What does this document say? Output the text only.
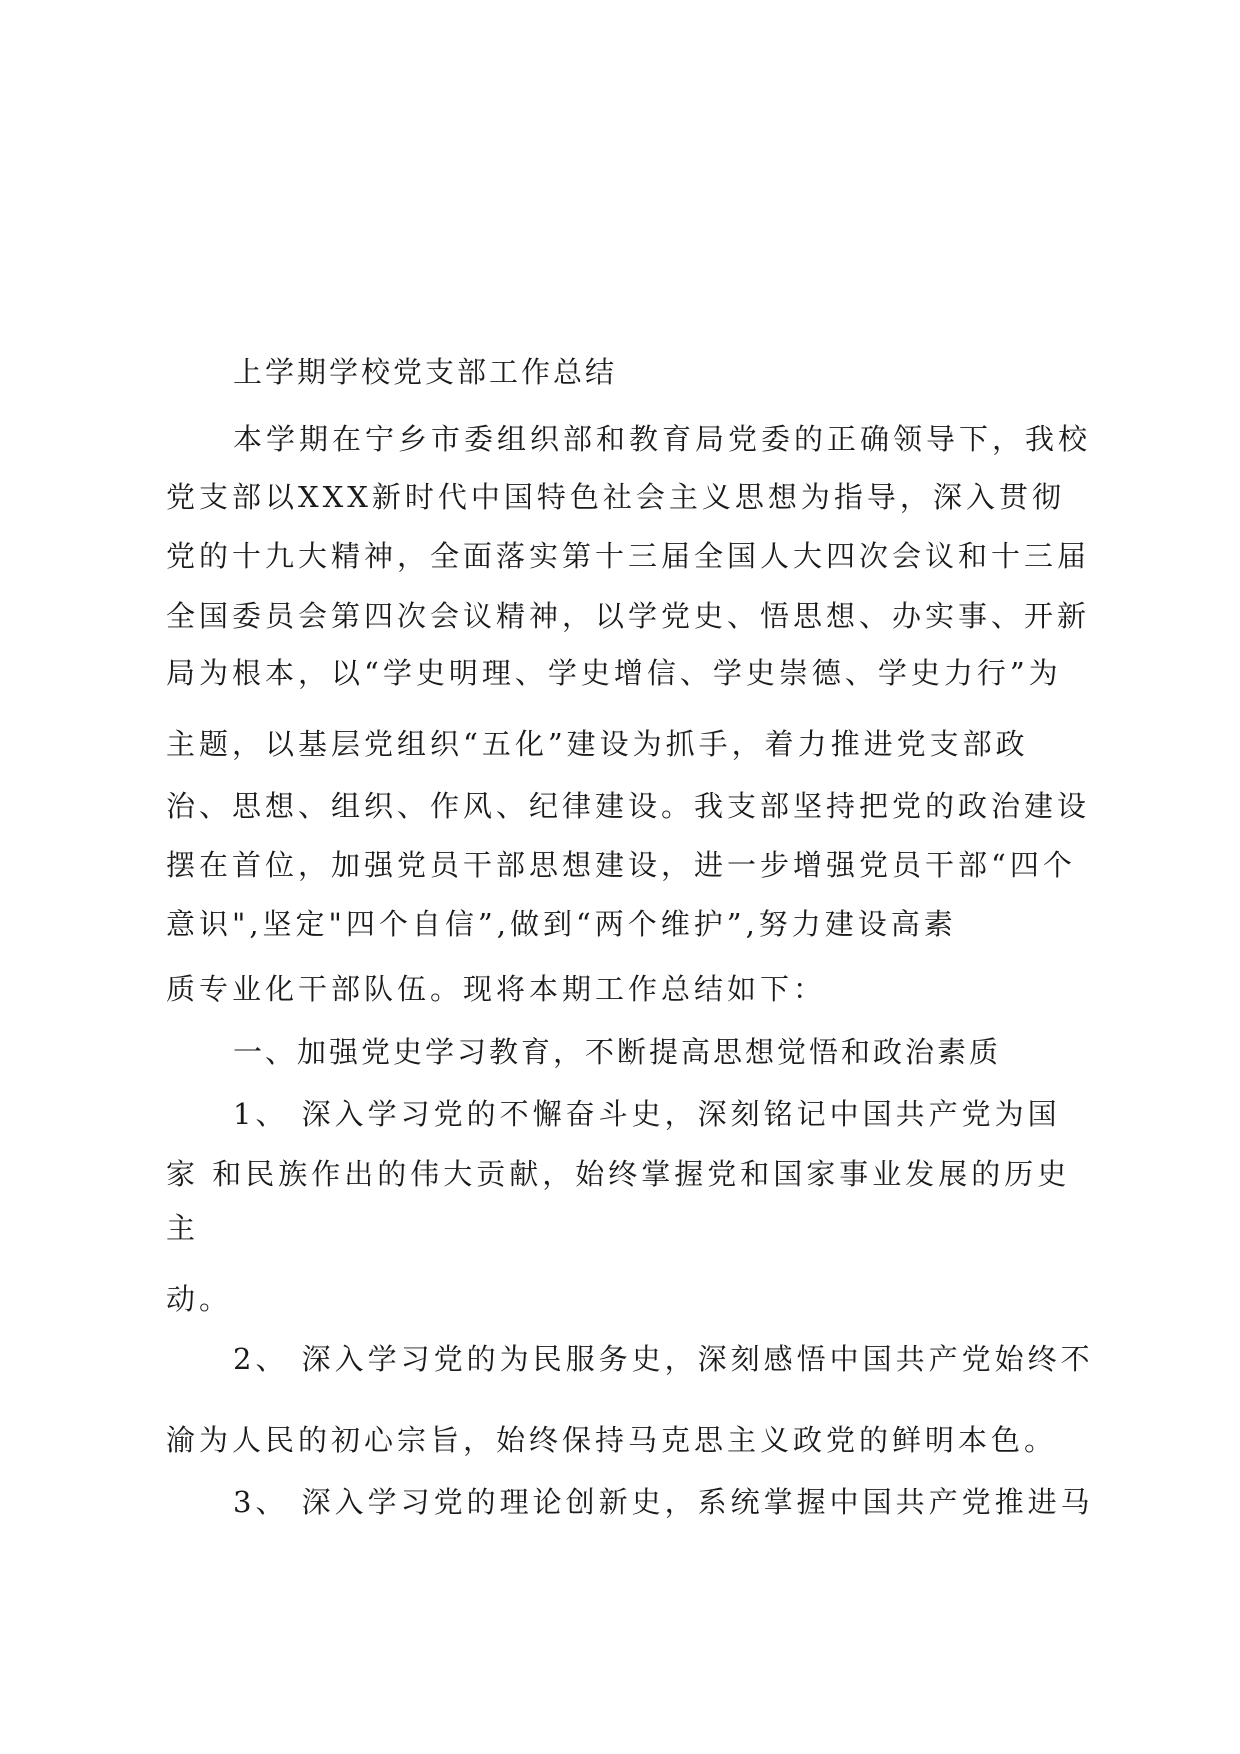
上学期学校党支部工作总结
本学期在宁乡市委组织部和教育局党委的正确领导下，我校
党支部以XXX新时代中国特色社会主义思想为指导，深入贯彻
党的十九大精神，全面落实第十三届全国人大四次会议和十三届
全国委员会第四次会议精神，以学党史、悟思想、办实事、开新
局为根本，以“学史明理、学史增信、学史崇德、学史力行”为
主题，以基层党组织“五化”建设为抓手，着力推进党支部政
治、思想、组织、作风、纪律建设。我支部坚持把党的政治建设
摆在首位，加强党员干部思想建设，进一步增强党员干部“四个
意识",坚定"四个自信”,做到“两个维护”,努力建设高素
质专业化干部队伍。现将本期工作总结如下：
一、加强党史学习教育，不断提高思想觉悟和政治素质
1、 深入学习党的不懈奋斗史，深刻铭记中国共产党为国
家 和民族作出的伟大贡献，始终掌握党和国家事业发展的历史
主
动。
2、 深入学习党的为民服务史，深刻感悟中国共产党始终不
渝为人民的初心宗旨，始终保持马克思主义政党的鲜明本色。
3、 深入学习党的理论创新史，系统掌握中国共产党推进马
